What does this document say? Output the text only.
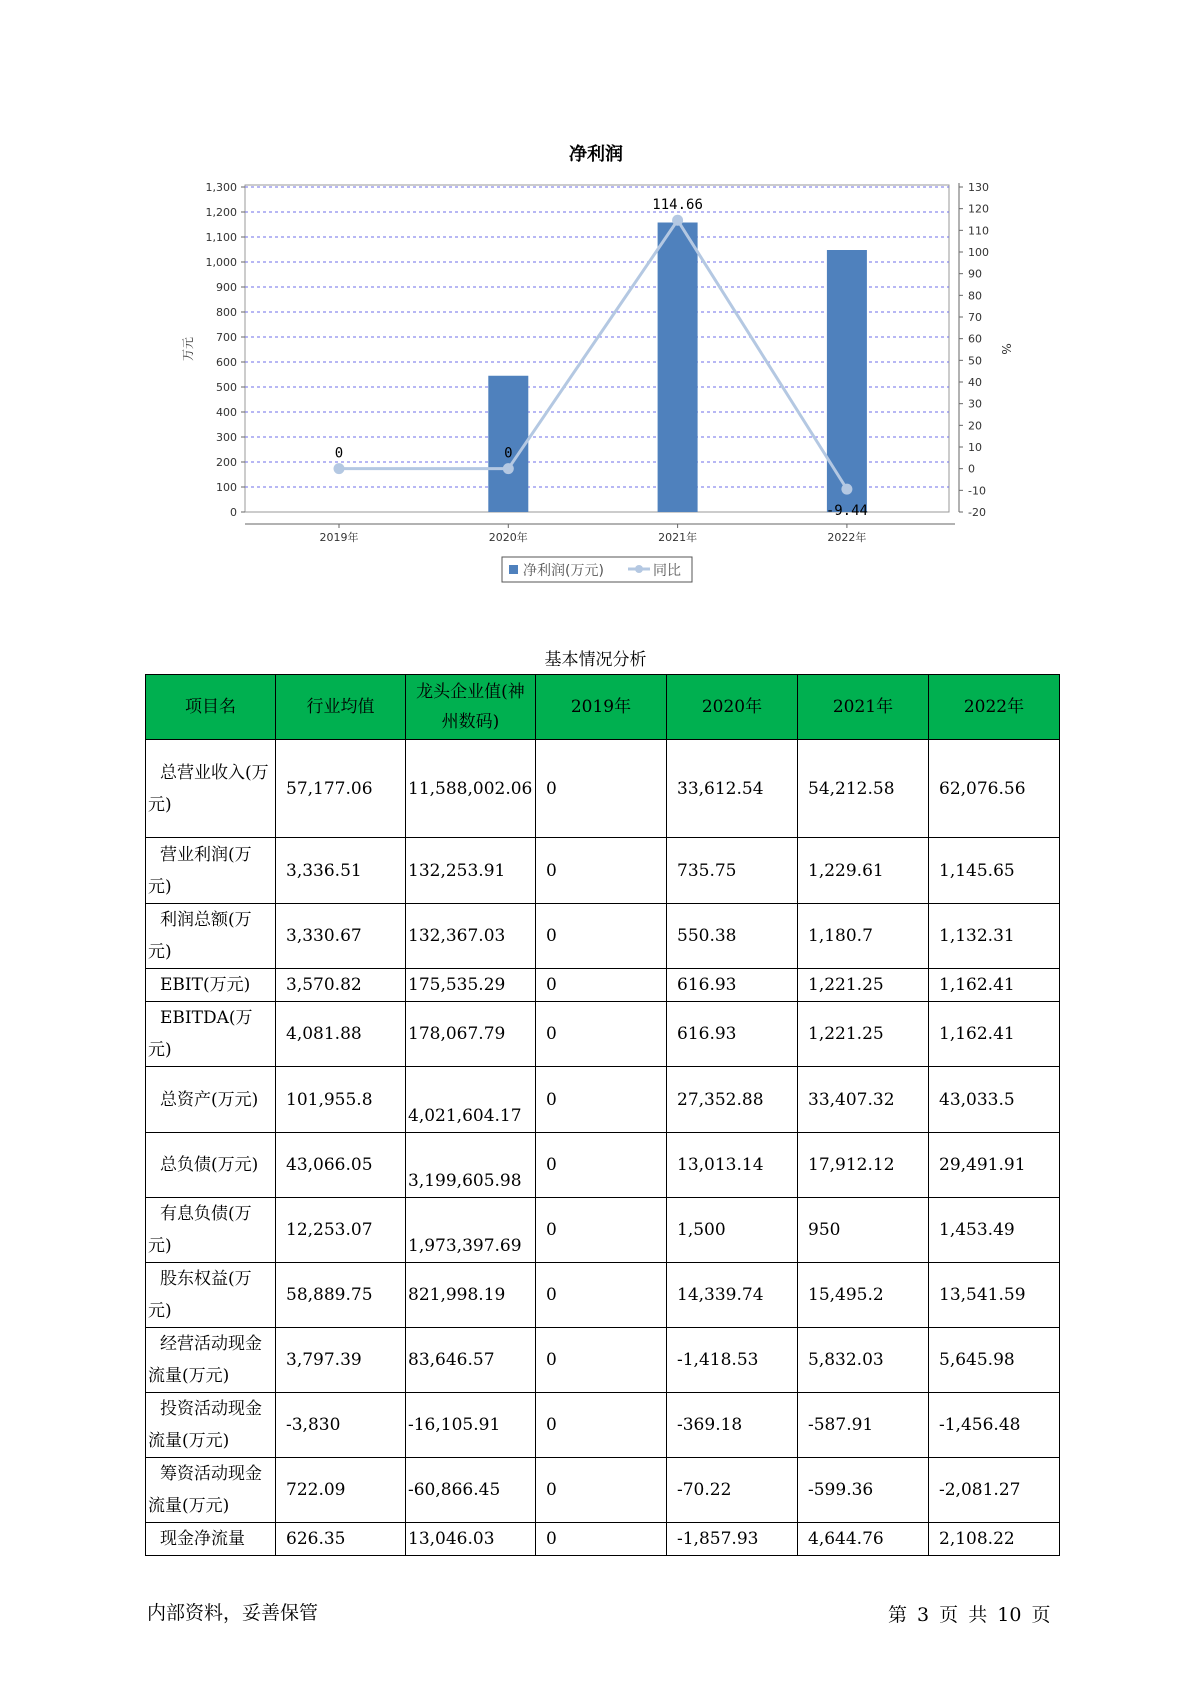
净利润
0
100
200
300
400
500
600
700
800
900
1,000
1,100
1,200
1,300
-20
-10
0
10
20
30
40
50
60
70
80
90
100
110
120
130
2019年	2020年	2021年	2022年
万元	%
0	0
114.66
-9.44
净利润(万元)	同比
基本情况分析
项目名	行业均值	龙头企业值(神州数码)	2019年	2020年	2021年	2022年
总营业收入(万元)	57,177.06	11,588,002.06	0	33,612.54	54,212.58	62,076.56
营业利润(万元)	3,336.51	132,253.91	0	735.75	1,229.61	1,145.65
利润总额(万元)	3,330.67	132,367.03	0	550.38	1,180.7	1,132.31
EBIT(万元)	3,570.82	175,535.29	0	616.93	1,221.25	1,162.41
EBITDA(万元)	4,081.88	178,067.79	0	616.93	1,221.25	1,162.41
总资产(万元)	101,955.8	4,021,604.17	0	27,352.88	33,407.32	43,033.5
总负债(万元)	43,066.05	3,199,605.98	0	13,013.14	17,912.12	29,491.91
有息负债(万元)	12,253.07	1,973,397.69	0	1,500	950	1,453.49
股东权益(万元)	58,889.75	821,998.19	0	14,339.74	15,495.2	13,541.59
经营活动现金流量(万元)	3,797.39	83,646.57	0	-1,418.53	5,832.03	5,645.98
投资活动现金流量(万元)	-3,830	-16,105.91	0	-369.18	-587.91	-1,456.48
筹资活动现金流量(万元)	722.09	-60,866.45	0	-70.22	-599.36	-2,081.27
现金净流量	626.35	13,046.03	0	-1,857.93	4,644.76	2,108.22
内部资料，妥善保管	第 3 页 共 10 页
